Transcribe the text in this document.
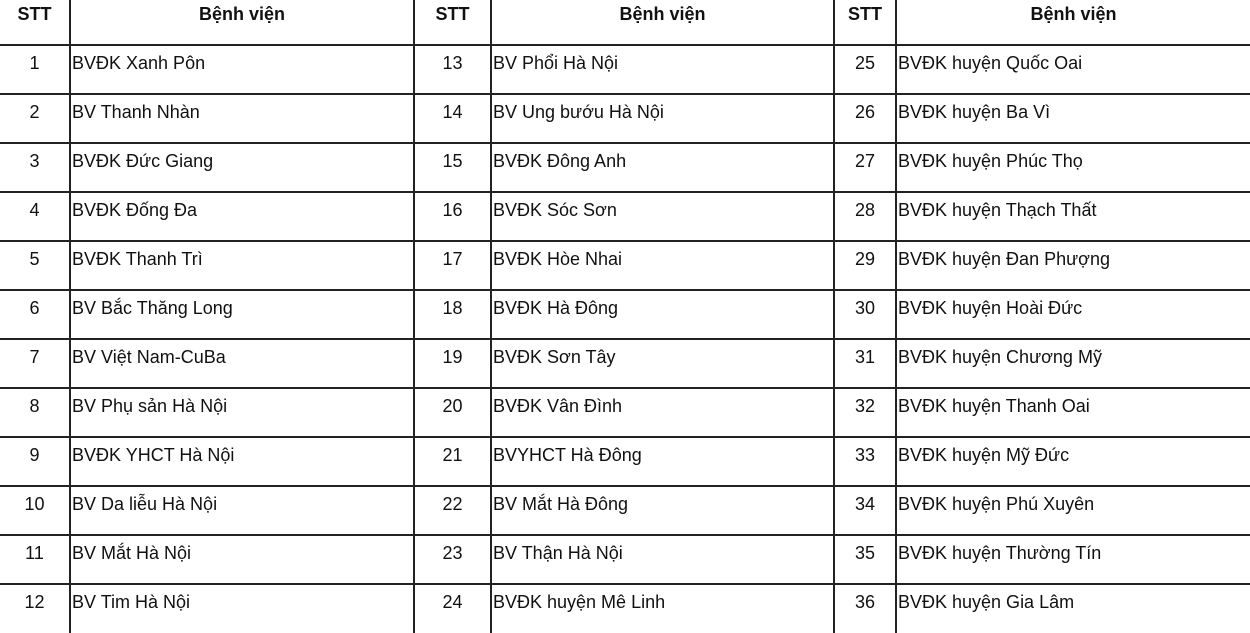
STT	Bệnh viện	STT	Bệnh viện	STT	Bệnh viện
1	BVĐK Xanh Pôn	13	BV Phổi Hà Nội	25	BVĐK huyện Quốc Oai
2	BV Thanh Nhàn	14	BV Ung bướu Hà Nội	26	BVĐK huyện Ba Vì
3	BVĐK Đức Giang	15	BVĐK Đông Anh	27	BVĐK huyện Phúc Thọ
4	BVĐK Đống Đa	16	BVĐK Sóc Sơn	28	BVĐK huyện Thạch Thất
5	BVĐK Thanh Trì	17	BVĐK Hòe Nhai	29	BVĐK huyện Đan Phượng
6	BV Bắc Thăng Long	18	BVĐK Hà Đông	30	BVĐK huyện Hoài Đức
7	BV Việt Nam-CuBa	19	BVĐK Sơn Tây	31	BVĐK huyện Chương Mỹ
8	BV Phụ sản Hà Nội	20	BVĐK Vân Đình	32	BVĐK huyện Thanh Oai
9	BVĐK YHCT Hà Nội	21	BVYHCT Hà Đông	33	BVĐK huyện Mỹ Đức
10	BV Da liễu Hà Nội	22	BV Mắt Hà Đông	34	BVĐK huyện Phú Xuyên
11	BV Mắt Hà Nội	23	BV Thận Hà Nội	35	BVĐK huyện Thường Tín
12	BV Tim Hà Nội	24	BVĐK huyện Mê Linh	36	BVĐK huyện Gia Lâm
